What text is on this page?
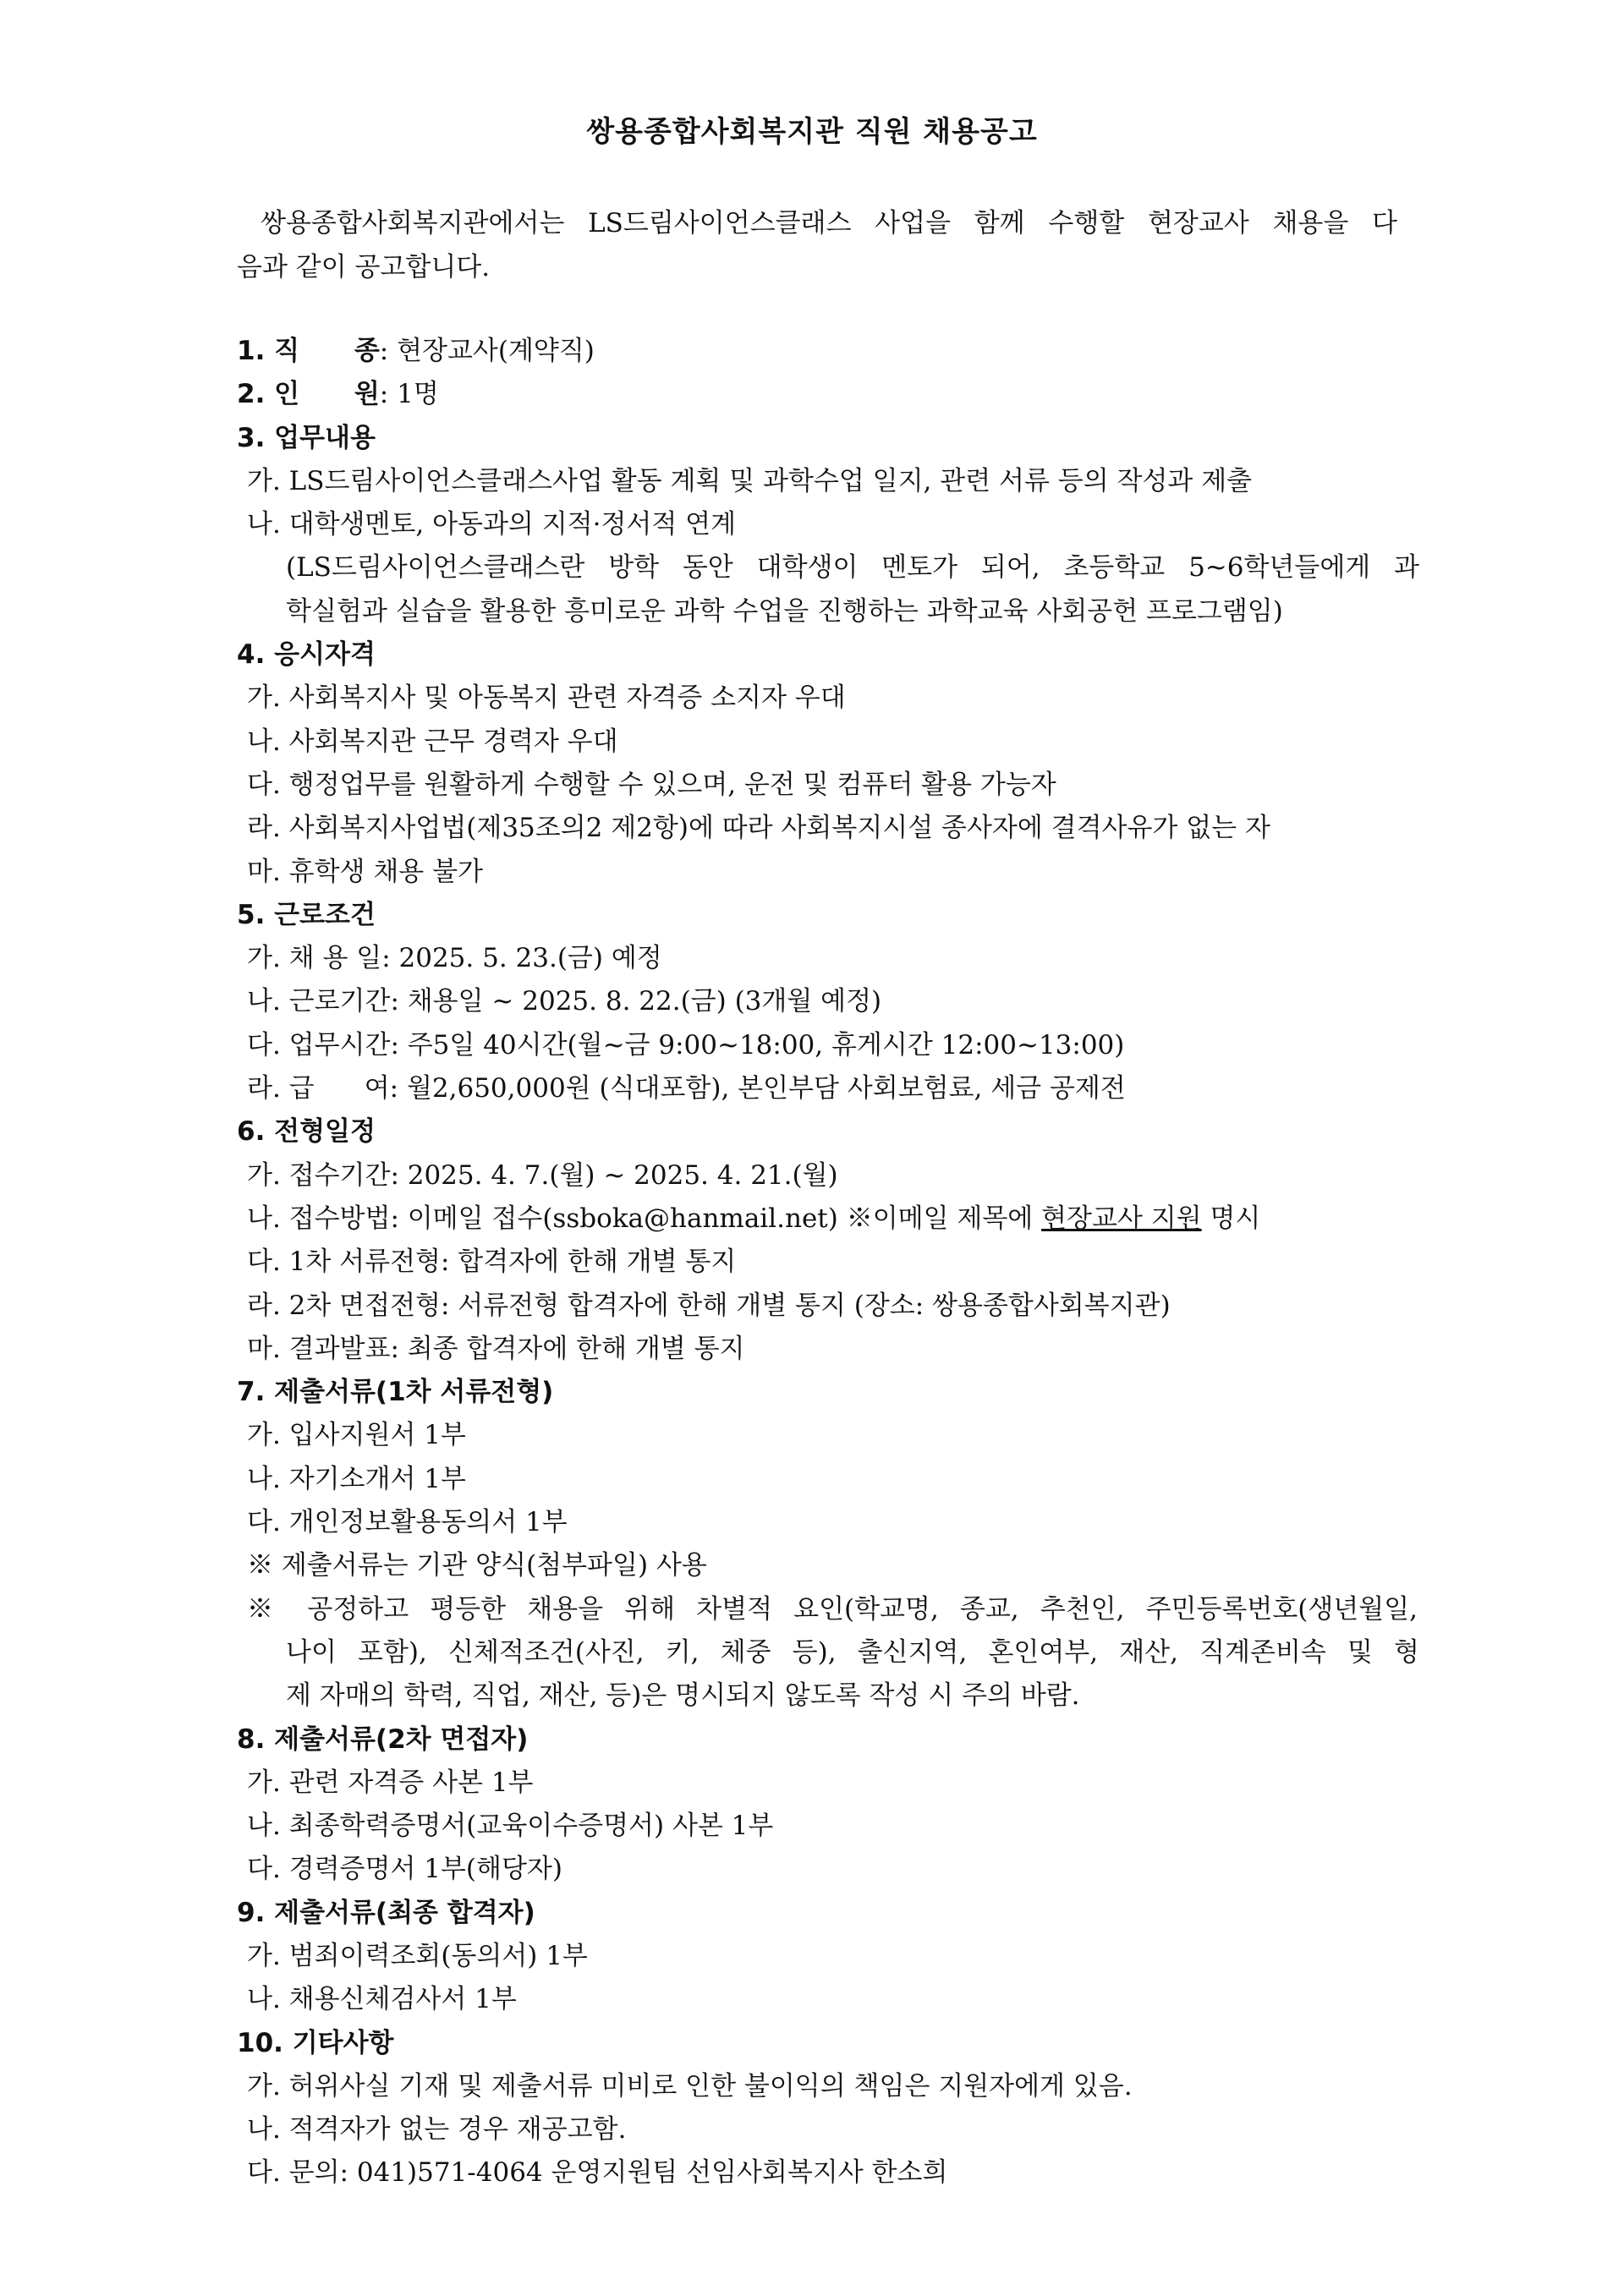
쌍용종합사회복지관 직원 채용공고

쌍용종합사회복지관에서는 LS드림사이언스클래스 사업을 함께 수행할 현장교사 채용을 다

음과 같이 공고합니다.

1. 직      종: 현장교사(계약직)
2. 인      원: 1명
3. 업무내용
가. LS드림사이언스클래스사업 활동 계획 및 과학수업 일지, 관련 서류 등의 작성과 제출
나. 대학생멘토, 아동과의 지적·정서적 연계
(LS드림사이언스클래스란 방학 동안 대학생이 멘토가 되어, 초등학교 5~6학년들에게 과
학실험과 실습을 활용한 흥미로운 과학 수업을 진행하는 과학교육 사회공헌 프로그램임)
4. 응시자격
가. 사회복지사 및 아동복지 관련 자격증 소지자 우대
나. 사회복지관 근무 경력자 우대
다. 행정업무를 원활하게 수행할 수 있으며, 운전 및 컴퓨터 활용 가능자
라. 사회복지사업법(제35조의2 제2항)에 따라 사회복지시설 종사자에 결격사유가 없는 자
마. 휴학생 채용 불가
5. 근로조건
가. 채 용 일: 2025. 5. 23.(금) 예정
나. 근로기간: 채용일 ~ 2025. 8. 22.(금) (3개월 예정)
다. 업무시간: 주5일 40시간(월~금 9:00~18:00, 휴게시간 12:00~13:00)
라. 급      여: 월2,650,000원 (식대포함), 본인부담 사회보험료, 세금 공제전
6. 전형일정
가. 접수기간: 2025. 4. 7.(월) ~ 2025. 4. 21.(월)
나. 접수방법: 이메일 접수(ssboka@hanmail.net) ※이메일 제목에 현장교사 지원 명시
다. 1차 서류전형: 합격자에 한해 개별 통지
라. 2차 면접전형: 서류전형 합격자에 한해 개별 통지 (장소: 쌍용종합사회복지관)
마. 결과발표: 최종 합격자에 한해 개별 통지
7. 제출서류(1차 서류전형)
가. 입사지원서 1부
나. 자기소개서 1부
다. 개인정보활용동의서 1부
※ 제출서류는 기관 양식(첨부파일) 사용
※ 공정하고 평등한 채용을 위해 차별적 요인(학교명, 종교, 추천인, 주민등록번호(생년월일,
나이 포함), 신체적조건(사진, 키, 체중 등), 출신지역, 혼인여부, 재산, 직계존비속 및 형
제 자매의 학력, 직업, 재산, 등)은 명시되지 않도록 작성 시 주의 바람.
8. 제출서류(2차 면접자)
가. 관련 자격증 사본 1부
나. 최종학력증명서(교육이수증명서) 사본 1부
다. 경력증명서 1부(해당자)
9. 제출서류(최종 합격자)
가. 범죄이력조회(동의서) 1부
나. 채용신체검사서 1부
10. 기타사항
가. 허위사실 기재 및 제출서류 미비로 인한 불이익의 책임은 지원자에게 있음.
나. 적격자가 없는 경우 재공고함.
다. 문의: 041)571-4064 운영지원팀 선임사회복지사 한소희
